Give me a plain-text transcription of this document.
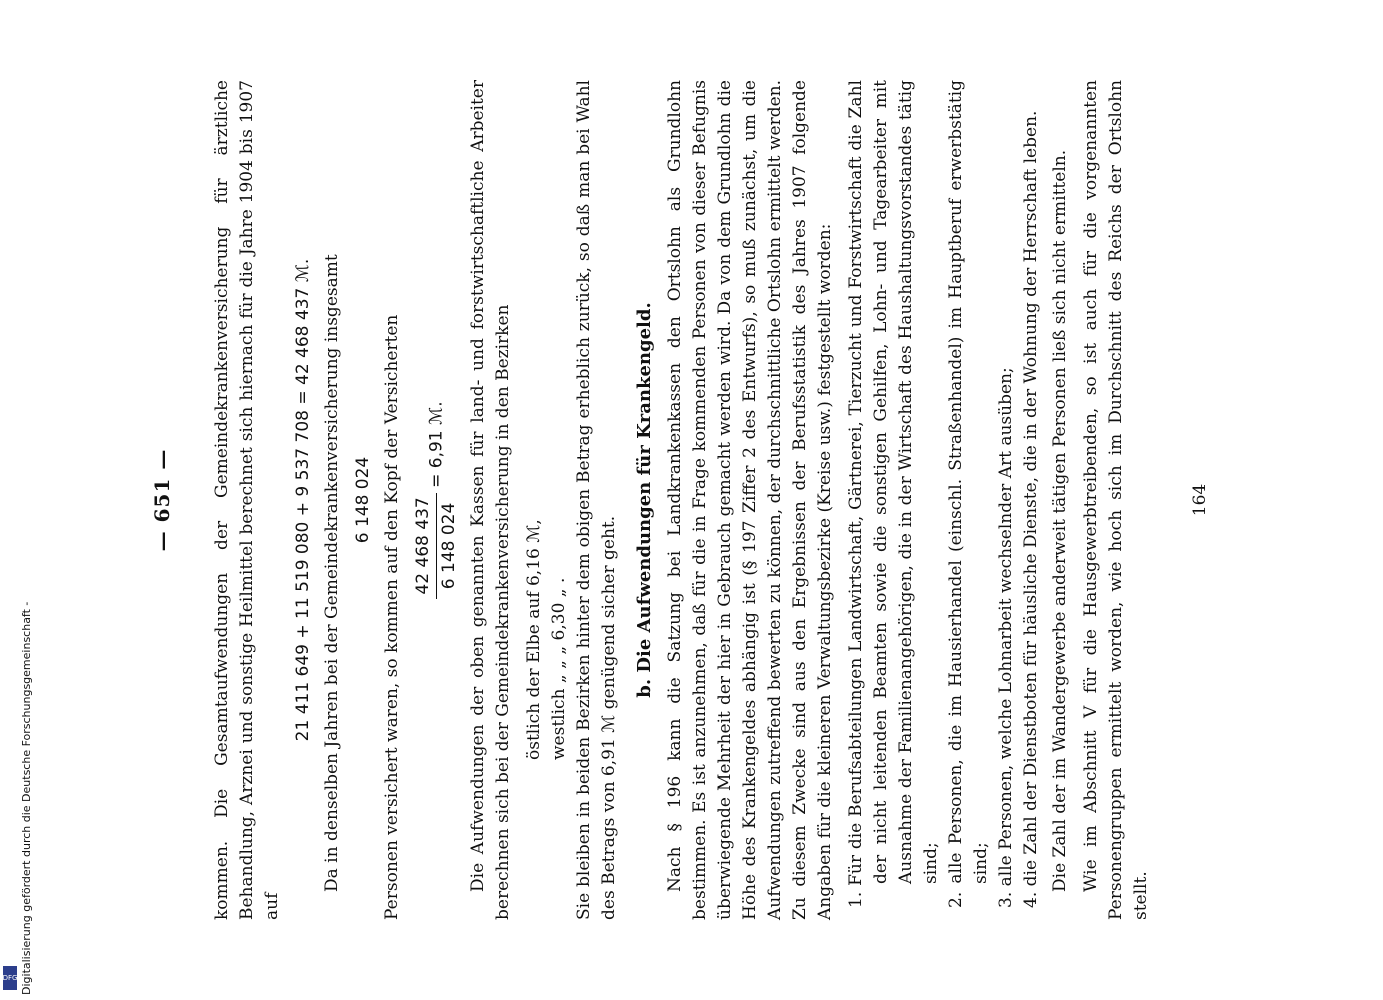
Digitalisierung gefördert durch die Deutsche Forschungsgemeinschaft -
DFG
— 651 — kommen. Die Gesamtaufwendungen der Gemeindekrankenversicherung für ärztliche Behandlung, Arznei und sonstige Heilmittel berechnet sich hiernach für die Jahre 1904 bis 1907 auf

21 411 649 + 11 519 080 + 9 537 708 = 42 468 437 ℳ. Da in denselben Jahren bei der Gemeindekrankenversicherung insgesamt 6 148 024 Personen versichert waren, so kommen auf den Kopf der Versicherten 42 468 437 6 148 024
= 6,91 ℳ.	Die Aufwendungen der oben genannten Kassen für land- und forstwirtschaftliche Arbeiter berechnen sich bei der Gemeindekrankenversicherung in den Bezirken östlich der Elbe auf 6,16 ℳ, westlich „ „ „ 6,30 „ . Sie bleiben in beiden Bezirken hinter dem obigen Betrag erheblich zurück, so daß man bei Wahl des Betrags von 6,91 ℳ genügend sicher geht.

b. Die Aufwendungen für Krankengeld. Nach § 196 kann die Satzung bei Landkrankenkassen den Ortslohn als Grundlohn bestimmen. Es ist anzunehmen, daß für die in Frage kommenden Personen von dieser Befugnis überwiegende Mehrheit der hier in Gebrauch gemacht werden wird. Da von dem Grundlohn die Höhe des Krankengeldes abhängig ist (§ 197 Ziffer 2 des Entwurfs), so muß zunächst, um die Aufwendungen zutreffend bewerten zu können, der durchschnittliche Ortslohn ermittelt werden. Zu diesem Zwecke sind aus den Ergebnissen der Berufsstatistik des Jahres 1907 folgende Angaben für die kleineren Verwaltungsbezirke (Kreise usw.) festgestellt worden: 1. Für die Berufsabteilungen Landwirtschaft, Gärtnerei, Tierzucht und Forstwirtschaft die Zahl der nicht leitenden Beamten sowie die sonstigen Gehilfen, Lohn- und Tagearbeiter mit Ausnahme der Familienangehörigen, die in der Wirtschaft des Haushaltungsvorstandes tätig sind; 2. alle Personen, die im Hausierhandel (einschl. Straßenhandel) im Hauptberuf erwerbstätig sind; 3. alle Personen, welche Lohnarbeit wechselnder Art ausüben; 4. die Zahl der Dienstboten für häusliche Dienste, die in der Wohnung der Herrschaft leben. Die Zahl der im Wandergewerbe anderweit tätigen Personen ließ sich nicht ermitteln. Wie im Abschnitt V für die Hausgewerbtreibenden, so ist auch für die vorgenannten Personengruppen ermittelt worden, wie hoch sich im Durchschnitt des Reichs der Ortslohn stellt.

164
